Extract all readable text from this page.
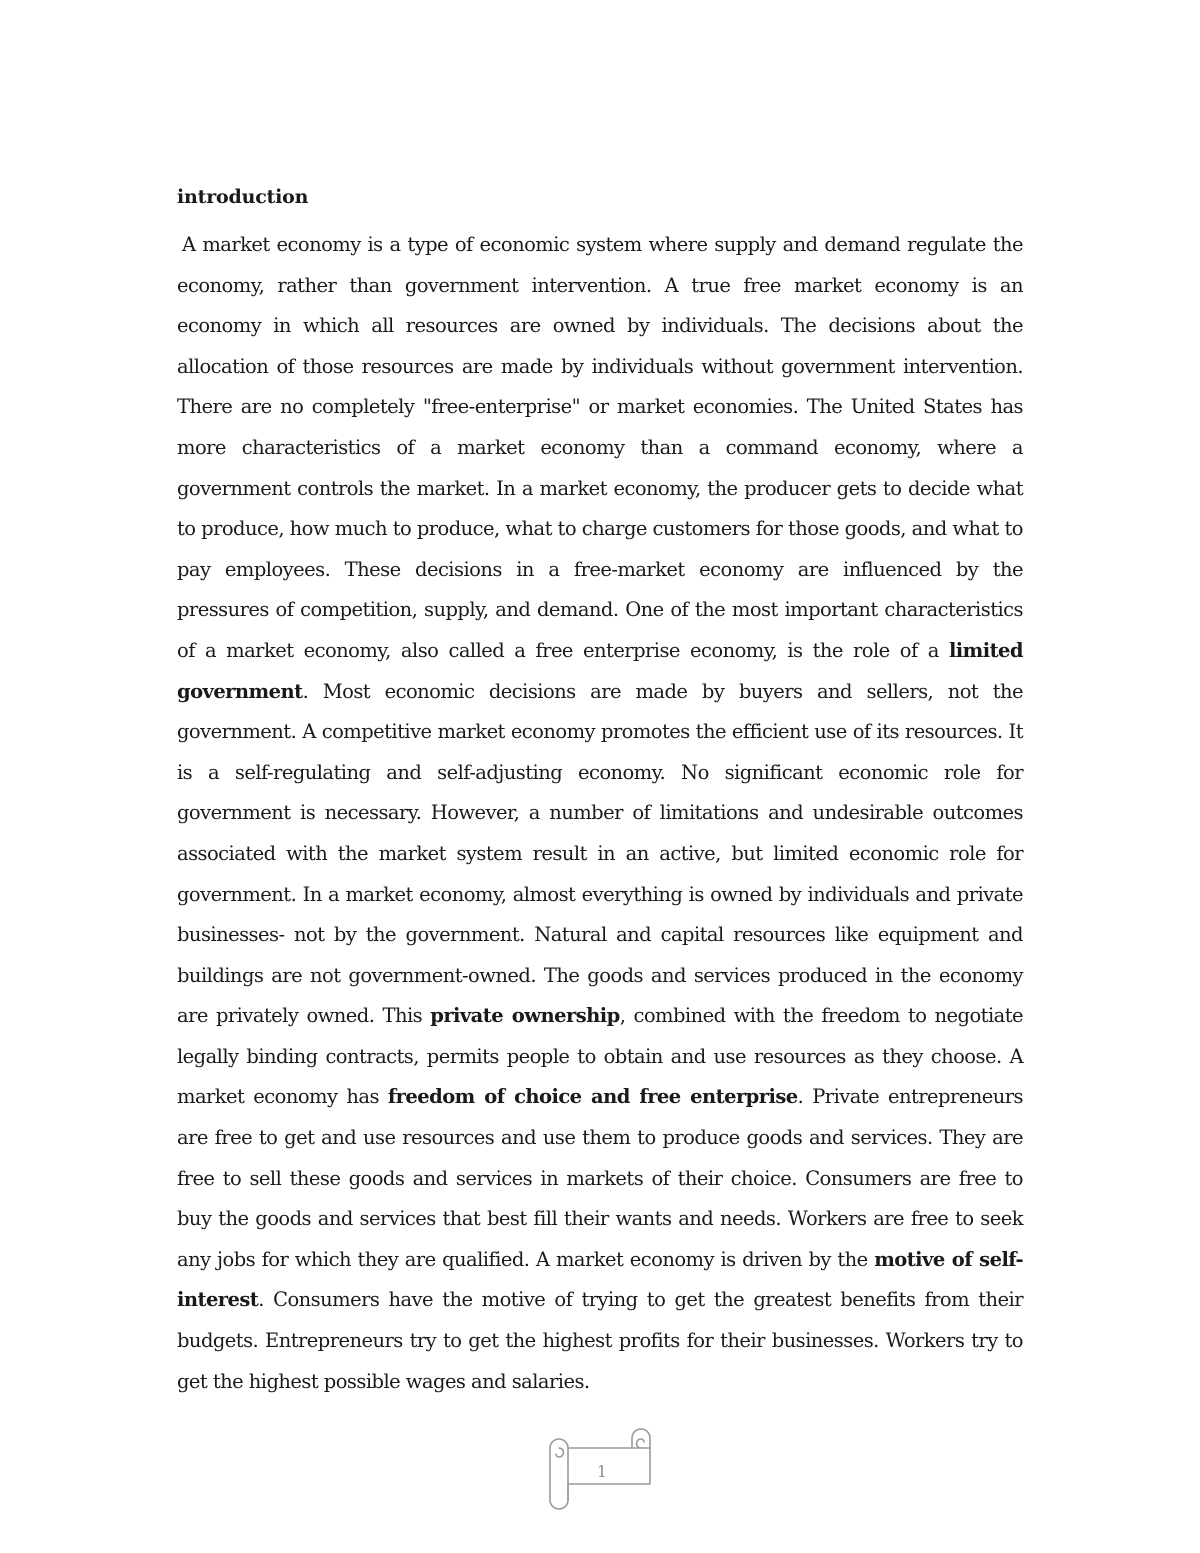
introduction

A market economy is a type of economic system where supply and demand regulate the economy, rather than government intervention. A true free market economy is an economy in which all resources are owned by individuals. The decisions about the allocation of those resources are made by individuals without government intervention. There are no completely "free-enterprise" or market economies. The United States has more characteristics of a market economy than a command economy, where a government controls the market. In a market economy, the producer gets to decide what to produce, how much to produce, what to charge customers for those goods, and what to pay employees. These decisions in a free-market economy are influenced by the pressures of competition, supply, and demand. One of the most important characteristics of a market economy, also called a free enterprise economy, is the role of a limited government. Most economic decisions are made by buyers and sellers, not the government. A competitive market economy promotes the efficient use of its resources. It is a self-regulating and self-adjusting economy. No significant economic role for government is necessary. However, a number of limitations and undesirable outcomes associated with the market system result in an active, but limited economic role for government. In a market economy, almost everything is owned by individuals and private businesses- not by the government. Natural and capital resources like equipment and buildings are not government-owned. The goods and services produced in the economy are privately owned. This private ownership, combined with the freedom to negotiate legally binding contracts, permits people to obtain and use resources as they choose. A market economy has freedom of choice and free enterprise. Private entrepreneurs are free to get and use resources and use them to produce goods and services. They are free to sell these goods and services in markets of their choice. Consumers are free to buy the goods and services that best fill their wants and needs. Workers are free to seek any jobs for which they are qualified. A market economy is driven by the motive of self-interest. Consumers have the motive of trying to get the greatest benefits from their budgets. Entrepreneurs try to get the highest profits for their businesses. Workers try to get the highest possible wages and salaries.

1
